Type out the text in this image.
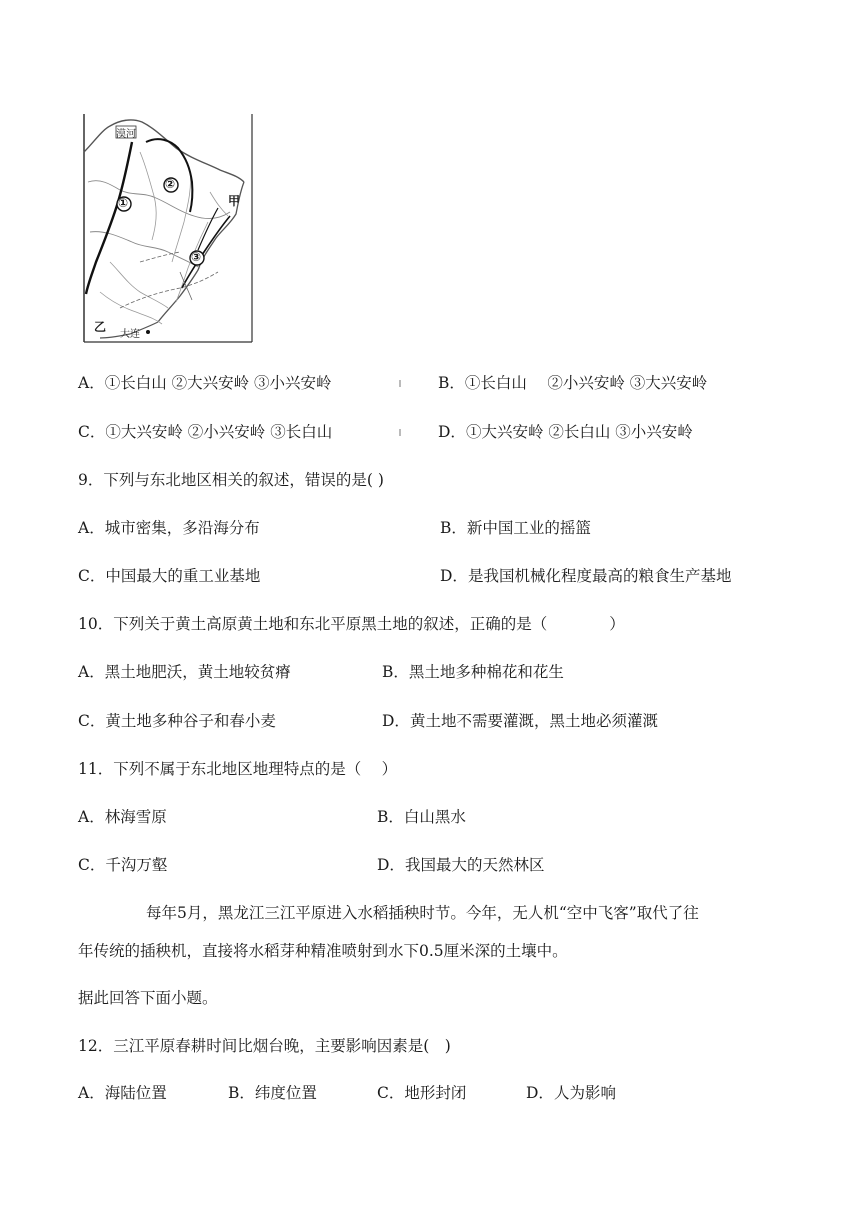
漠河
①
②
③
甲
乙
大连
A．①长白山 ②大兴安岭 ③小兴安岭	B．①长白山　 ②小兴安岭 ③大兴安岭
C．①大兴安岭 ②小兴安岭 ③长白山	D．①大兴安岭 ②长白山 ③小兴安岭
9．下列与东北地区相关的叙述，错误的是( )
A．城市密集，多沿海分布	B．新中国工业的摇篮
C．中国最大的重工业基地	D．是我国机械化程度最高的粮食生产基地
10．下列关于黄土高原黄土地和东北平原黑土地的叙述，正确的是（　　　　）
A．黑土地肥沃，黄土地较贫瘠	B．黑土地多种棉花和花生
C．黄土地多种谷子和春小麦	D．黄土地不需要灌溉，黑土地必须灌溉
11．下列不属于东北地区地理特点的是（　 ）
A．林海雪原	B．白山黑水
C．千沟万壑	D．我国最大的天然林区
每年5月，黑龙江三江平原进入水稻插秧时节。今年，无人机“空中飞客”取代了往
年传统的插秧机，直接将水稻芽种精准喷射到水下0.5厘米深的土壤中。
据此回答下面小题。
12．三江平原春耕时间比烟台晚，主要影响因素是(　)
A．海陆位置	B．纬度位置	C．地形封闭	D．人为影响
